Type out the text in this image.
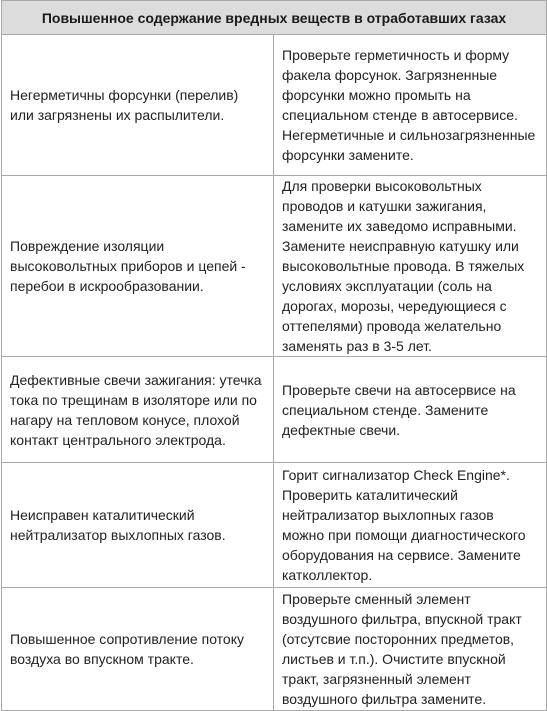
Повышенное содержание вредных веществ в отработавших газах	

Негерметичны форсунки (перелив) или загрязнены их распылители.	Проверьте герметичность и форму факела форсунок. Загрязненные форсунки можно промыть на специальном стенде в автосервисе. Негерметичные и сильнозагрязненные форсунки замените.

Повреждение изоляции высоковольтных приборов и цепей - перебои в искрообразовании.	Для проверки высоковольтных проводов и катушки зажигания, замените их заведомо исправными. Замените неисправную катушку или высоковольтные провода. В тяжелых условиях эксплуатации (соль на дорогах, морозы, чередующиеся с оттепелями) провода желательно заменять раз в 3-5 лет.

Дефективные свечи зажигания: утечка тока по трещинам в изоляторе или по нагару на тепловом конусе, плохой контакт центрального электрода.	Проверьте свечи на автосервисе на специальном стенде. Замените дефектные свечи.

Неисправен каталитический нейтрализатор выхлопных газов.	Горит сигнализатор Check Engine*. Проверить каталитический нейтрализатор выхлопных газов можно при помощи диагностического оборудования на сервисе. Замените катколлектор.

Повышенное сопротивление потоку воздуха во впускном тракте.	Проверьте сменный элемент воздушного фильтра, впускной тракт (отсутсвие посторонних предметов, листьев и т.п.). Очистите впускной тракт, загрязненный элемент воздушного фильтра замените.
